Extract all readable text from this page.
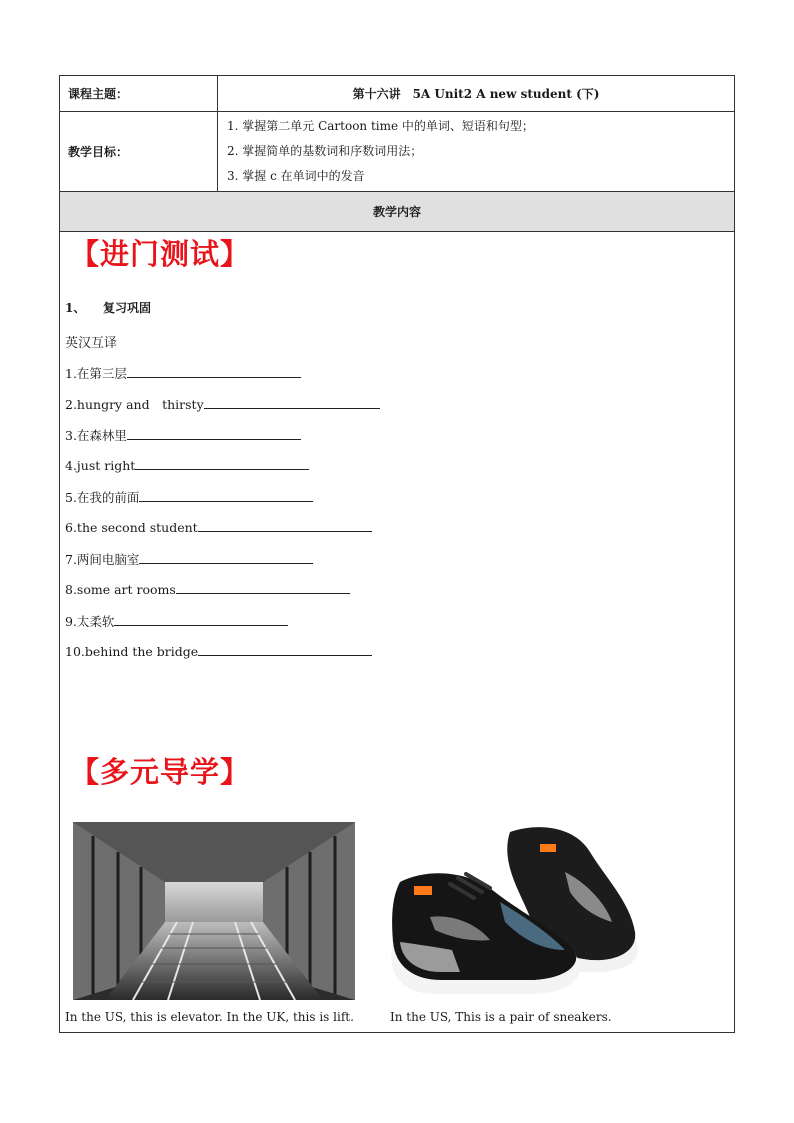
课程主题：	第十六讲　5A Unit2 A new student (下)
教学目标：
1. 掌握第二单元 Cartoon time 中的单词、短语和句型；
2. 掌握简单的基数词和序数词用法；
3. 掌握 c 在单词中的发音
教学内容
【进门测试】
1、 复习巩固
英汉互译
1.在第三层
2.hungry and　thirsty
3.在森林里
4.just right
5.在我的前面
6.the second student
7.两间电脑室
8.some art rooms
9.太柔软
10.behind the bridge
【多元导学】
In the US, this is elevator. In the UK, this is lift.	In the US, This is a pair of sneakers.
